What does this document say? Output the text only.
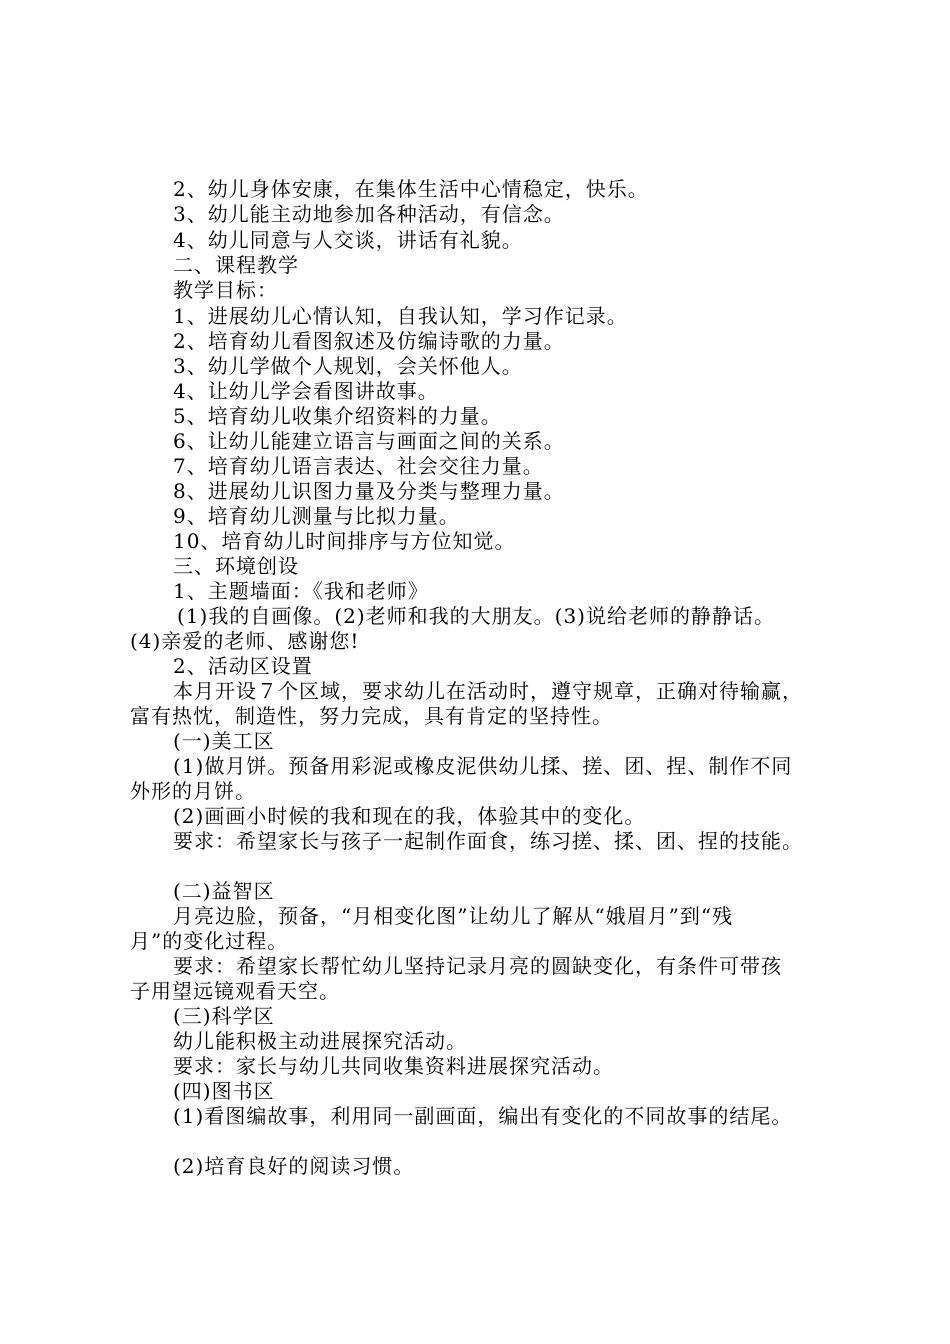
2、幼儿身体安康，在集体生活中心情稳定，快乐。
3、幼儿能主动地参加各种活动，有信念。
4、幼儿同意与人交谈，讲话有礼貌。
二、课程教学
教学目标：
1、进展幼儿心情认知，自我认知，学习作记录。
2、培育幼儿看图叙述及仿编诗歌的力量。
3、幼儿学做个人规划，会关怀他人。
4、让幼儿学会看图讲故事。
5、培育幼儿收集介绍资料的力量。
6、让幼儿能建立语言与画面之间的关系。
7、培育幼儿语言表达、社会交往力量。
8、进展幼儿识图力量及分类与整理力量。
9、培育幼儿测量与比拟力量。
10、培育幼儿时间排序与方位知觉。
三、环境创设
1、主题墙面：《我和老师》
(1)我的自画像。(2)老师和我的大朋友。(3)说给老师的静静话。
(4)亲爱的老师、感谢您!
2、活动区设置
本月开设７个区域，要求幼儿在活动时，遵守规章，正确对待输赢，
富有热忱，制造性，努力完成，具有肯定的坚持性。
(一)美工区
(1)做月饼。预备用彩泥或橡皮泥供幼儿揉、搓、团、捏、制作不同
外形的月饼。
(2)画画小时候的我和现在的我，体验其中的变化。
要求：希望家长与孩子一起制作面食，练习搓、揉、团、捏的技能。
(二)益智区
月亮边脸，预备，“月相变化图”让幼儿了解从“娥眉月”到“残
月”的变化过程。
要求：希望家长帮忙幼儿坚持记录月亮的圆缺变化，有条件可带孩
子用望远镜观看天空。
(三)科学区
幼儿能积极主动进展探究活动。
要求：家长与幼儿共同收集资料进展探究活动。
(四)图书区
(1)看图编故事，利用同一副画面，编出有变化的不同故事的结尾。
(2)培育良好的阅读习惯。
